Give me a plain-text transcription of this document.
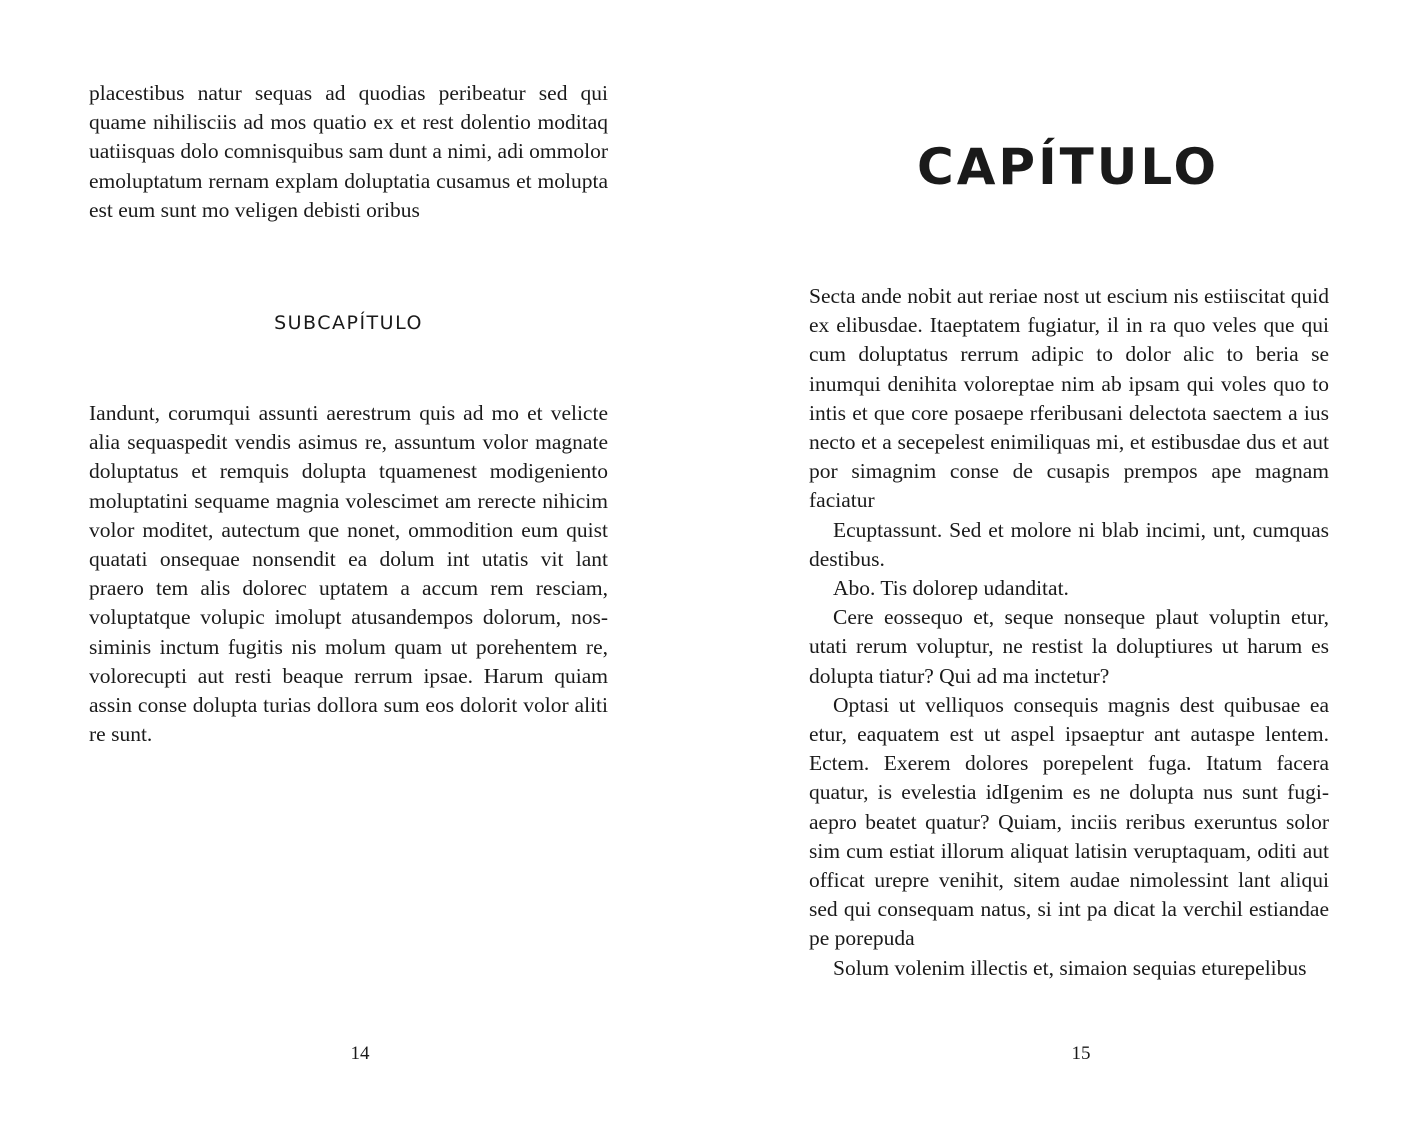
placestibus natur sequas ad quodias peribeatur sed qui quame nihilisciis ad mos quatio ex et rest dolentio moditaq uatiisquas dolo comnisquibus sam dunt a nimi, adi ommolor emoluptatum rernam explam doluptatia cusamus et molupta est eum sunt mo veligen debisti oribus

SUBCAPÍTULO

Iandunt, corumqui assunti aerestrum quis ad mo et velicte alia sequaspedit vendis asimus re, assuntum volor magnate doluptatus et remquis dolupta tquamenest modigeniento moluptatini sequame magnia volescimet am rerecte nihicim volor moditet, autectum que nonet, ommodition eum quist quatati onsequae nonsendit ea dolum int utatis vit lant praero tem alis dolorec uptatem a accum rem resciam, voluptatque volupic imolupt atusandempos dolorum, nossiminis inctum fugitis nis molum quam ut porehentem re, volorecupti aut resti beaque rerrum ipsae. Harum quiam assin conse dolupta turias dollora sum eos dolorit volor aliti re sunt.

14
CAPÍTULO

Secta ande nobit aut reriae nost ut escium nis estiiscitat quid ex elibusdae. Itaeptatem fugiatur, il in ra quo veles que qui cum doluptatus rerrum adipic to dolor alic to beria se inumqui denihita voloreptae nim ab ipsam qui voles quo to intis et que core posaepe rferibusani delectota saectem a ius necto et a secepelest enimiliquas mi, et estibusdae dus et aut por simagnim conse de cusapis prempos ape magnam faciatur

Ecuptassunt. Sed et molore ni blab incimi, unt, cumquas destibus.

Abo. Tis dolorep udanditat.

Cere eossequo et, seque nonseque plaut voluptin etur, utati rerum voluptur, ne restist la doluptiures ut harum es dolupta tiatur? Qui ad ma inctetur?

Optasi ut velliquos consequis magnis dest quibusae ea etur, eaquatem est ut aspel ipsaeptur ant autaspe lentem. Ectem. Exerem dolores porepelent fuga. Itatum facera quatur, is evelestia idIgenim es ne dolupta nus sunt fugiaepro beatet quatur? Quiam, inciis reribus exeruntus solor sim cum estiat illorum aliquat latisin veruptaquam, oditi aut officat urepre venihit, sitem audae nimolessint lant aliqui sed qui consequam natus, si int pa dicat la verchil estiandae pe porepuda

Solum volenim illectis et, simaion sequias eturepelibus

15
